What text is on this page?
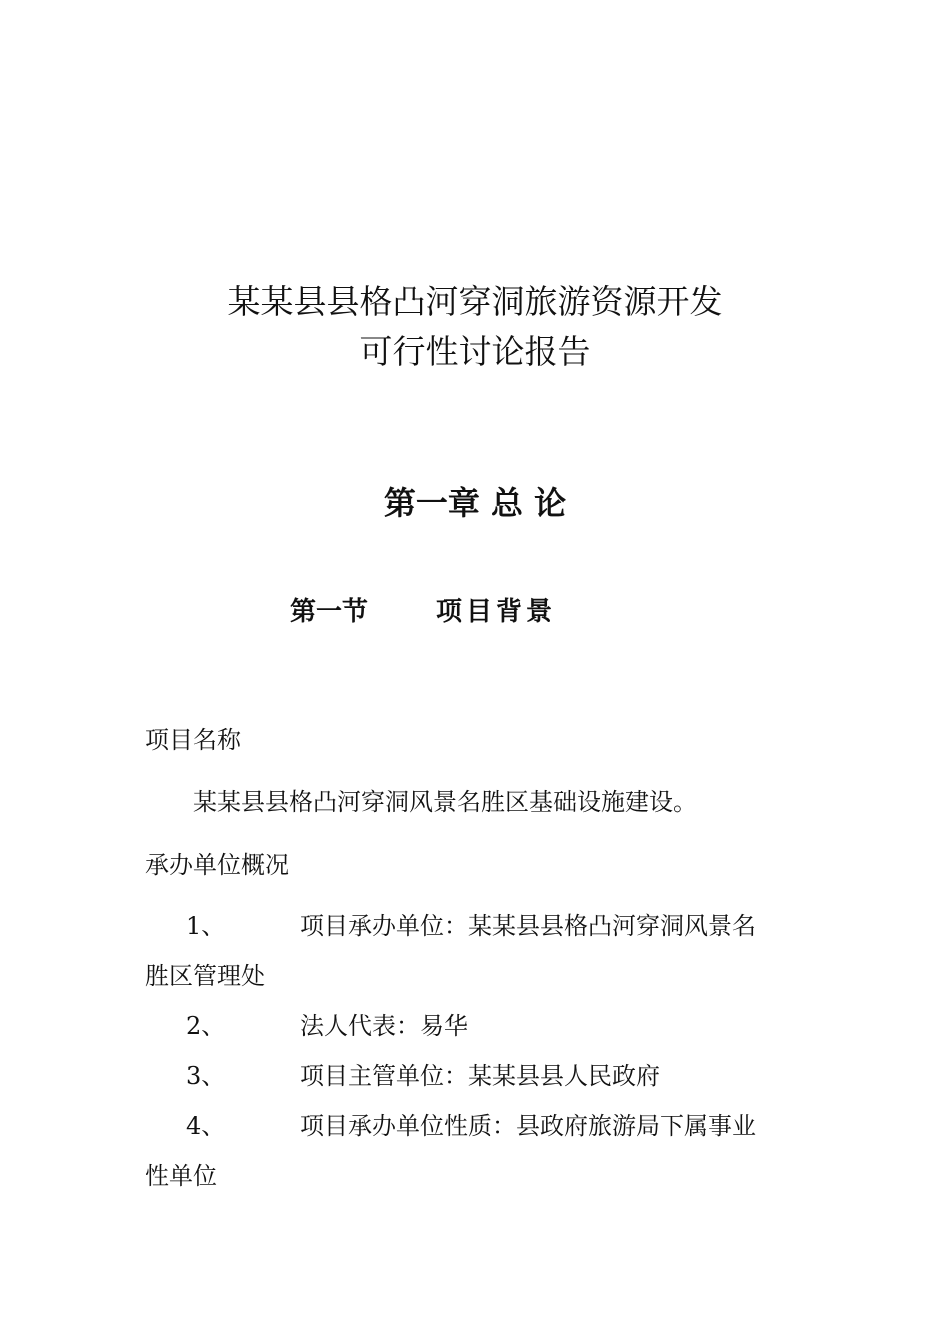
某某县县格凸河穿洞旅游资源开发
可行性讨论报告
第一章 总 论
第一节	项目背景
项目名称
某某县县格凸河穿洞风景名胜区基础设施建设。
承办单位概况
1、	项目承办单位：某某县县格凸河穿洞风景名
胜区管理处
2、	法人代表：易华
3、	项目主管单位：某某县县人民政府
4、	项目承办单位性质：县政府旅游局下属事业
性单位
